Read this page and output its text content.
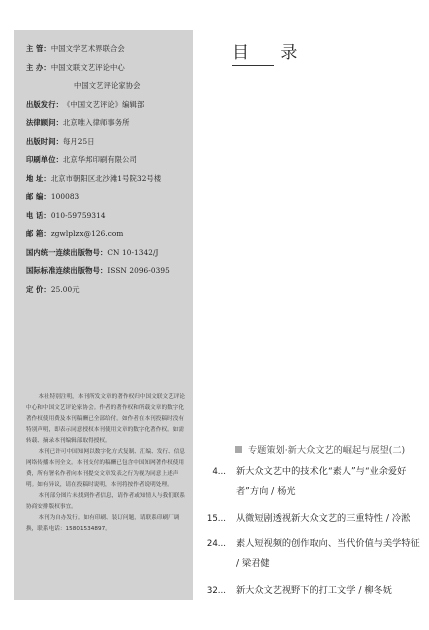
主 管： 中国文学艺术界联合会
主 办： 中国文联文艺评论中心
中国文艺评论家协会
出版发行： 《中国文艺评论》编辑部
法律顾问： 北京唯入律师事务所
出版时间： 每月25日
印刷单位： 北京华邦印刷有限公司
地 址： 北京市朝阳区北沙滩1号院32号楼
邮 编： 100083
电 话： 010-59759314
邮 箱： zgwlplzx@126.com
国内统一连续出版物号： CN 10-1342/J
国际标准连续出版物号： ISSN 2096-0395
定 价： 25.00元

本社特别注明，本刊所发文章的著作权归中国文联文艺评论中心和中国文艺评论家协会。作者的著作权和所载文章的数字化著作权使用费及本刊稿酬已全部给付。如作者在本刊投稿时没有特别声明，即表示同意授权本刊使用文章的数字化著作权。如需转载、摘录本刊编辑部取得授权。

本刊已许可中国知网以数字化方式复制、汇编、发行、信息网络传播本刊全文。本刊支付的稿酬已包含中国知网著作权使用费，所有署名作者向本刊提交文章发表之行为视为同意上述声明。如有异议，请在投稿时说明，本刊将按作者说明处理。

本刊部分图片未找到作者信息，请作者或知情人与我们联系协商安排版权事宜。

本刊为自办发行。如有印刷、装订问题，请联系印刷厂调换，联系电话：15801534897。

目 录
专题策划·新大众文艺的崛起与展望(二)
4... 新大众文艺中的技术化“素人”与“业余爱好者”方向 / 杨光
15... 从微短剧透视新大众文艺的三重特性 / 冷淞
24... 素人短视频的创作取向、当代价值与美学特征 / 梁君健
32... 新大众文艺视野下的打工文学 / 柳冬妩
